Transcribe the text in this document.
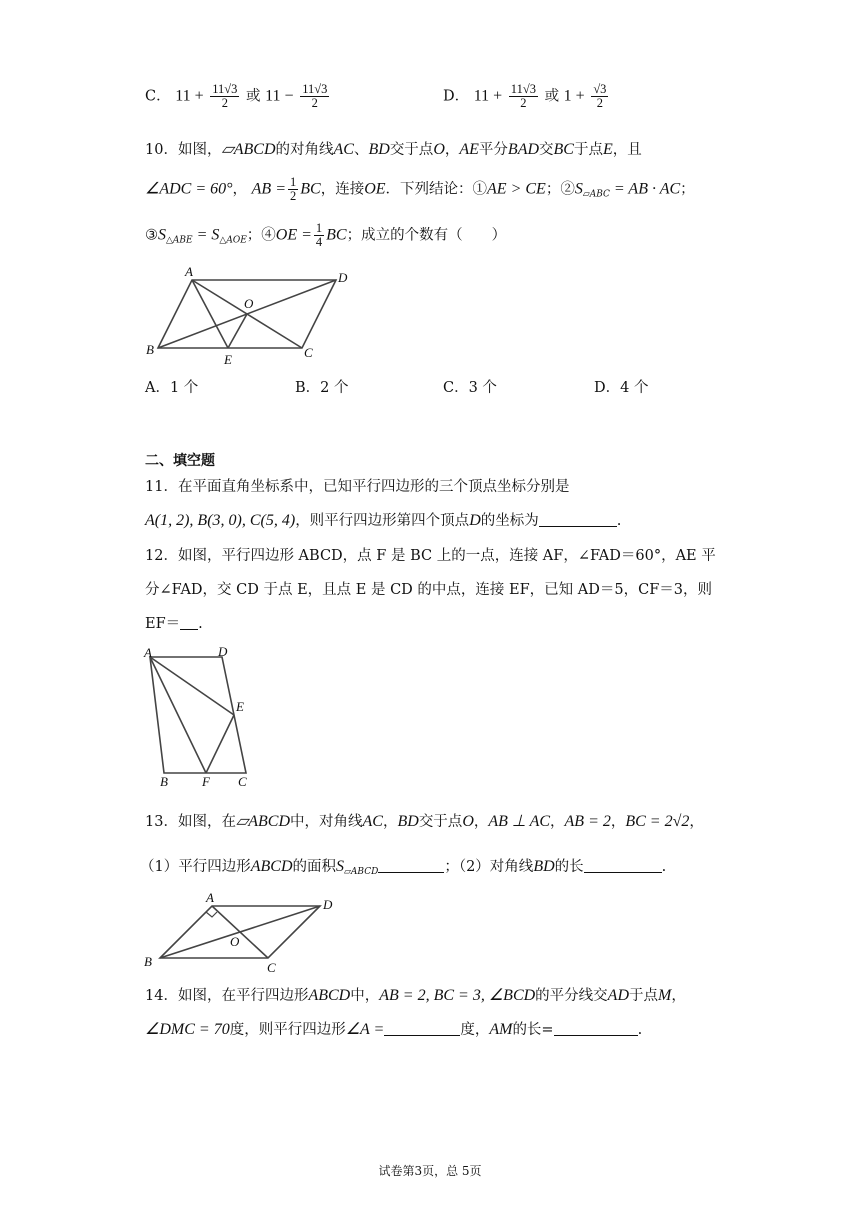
C． $11 + \frac{11√3}{2}$ 或 $11 - \frac{11√3}{2}$	D． $11 + \frac{11√3}{2}$ 或 $1 + \frac{√3}{2}$
10．如图，▱ABCD的对角线AC、BD交于点O，AE平分BAD交BC于点E，且
∠ADC = 60°， AB = $\frac{1}{2}$ BC，连接OE．下列结论：①AE > CE；$②S_{▱ABC}$ = AB · AC；
$③S_{\triangle ABE} = S_{\triangle AOE}$；④OE = $\frac{1}{4}$ BC；成立的个数有（　　）
A	D
B	C
O
E
A．1 个	B．2 个	C．3 个	D．4 个
二、填空题
11．在平面直角坐标系中，已知平行四边形的三个顶点坐标分别是
A(1, 2), B(3, 0), C(5, 4)，则平行四边形第四个顶点D的坐标为	.
12．如图，平行四边形 ABCD，点 F 是 BC 上的一点，连接 AF，∠FAD＝60°，AE 平
分∠FAD，交 CD 于点 E，且点 E 是 CD 的中点，连接 EF，已知 AD＝5，CF＝3，则
EF＝ .
A	D
E
B	F C
13．如图，在▱ABCD中，对角线AC，BD交于点O，AB ⊥ AC，AB = 2，BC = 2√2，
（1）平行四边形ABCD的面积$S_{▱ABCD}$	；（2）对角线BD的长	.
A	D
B	C
O
14．如图，在平行四边形ABCD中，AB = 2, BC = 3, ∠BCD的平分线交AD于点M，
∠DMC = 70度，则平行四边形∠A =	度，AM的长=	.
试卷第3页，总 5页
